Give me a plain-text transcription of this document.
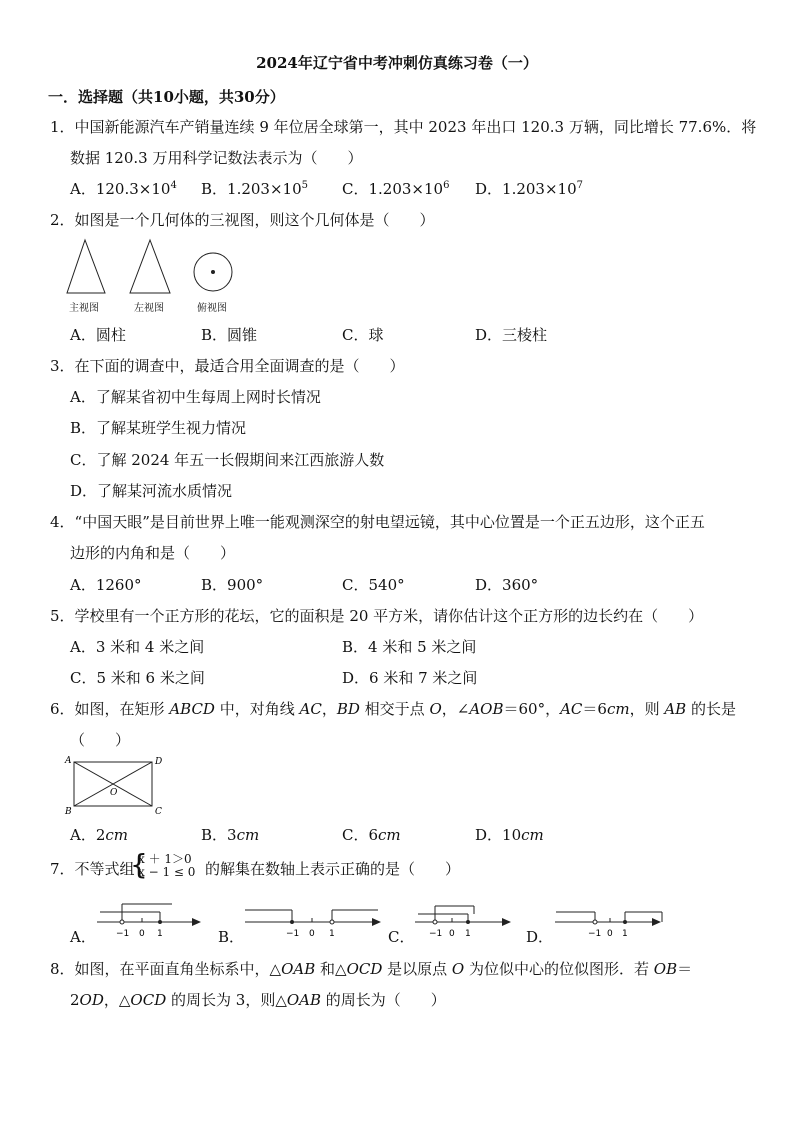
2024年辽宁省中考冲刺仿真练习卷（一）
一．选择题（共10小题，共30分）
1．中国新能源汽车产销量连续 9 年位居全球第一，其中 2023 年出口 120.3 万辆，同比增长 77.6%．将
数据 120.3 万用科学记数法表示为（　　）
A．$120.3\times 10^4$ B．$1.203\times 10^5$ C．$1.203\times 10^6$ D．$1.203\times 10^7$
2．如图是一个几何体的三视图，则这个几何体是（　　）
主视图	左视图	俯视图
A．圆柱	B．圆锥	C．球	D．三棱柱
3．在下面的调查中，最适合用全面调查的是（　　）
A．了解某省初中生每周上网时长情况
B．了解某班学生视力情况
C．了解 2024 年五一长假期间来江西旅游人数
D．了解某河流水质情况
4．“中国天眼”是目前世界上唯一能观测深空的射电望远镜，其中心位置是一个正五边形，这个正五
边形的内角和是（　　）
A．1260°	B．900°	C．540°	D．360°
5．学校里有一个正方形的花坛，它的面积是 20 平方米，请你估计这个正方形的边长约在（　　）
A．3 米和 4 米之间	B．4 米和 5 米之间
C．5 米和 6 米之间	D．6 米和 7 米之间
6．如图，在矩形 ABCD 中，对角线 AC，BD 相交于点 O，∠AOB＝60°，AC＝6cm，则 AB 的长是
（　　）
A	D
B	C
O
A．2cm	B．3cm	C．6cm	D．10cm
7．不等式组
{
x ＋ 1＞0
x − 1 ≤ 0 的解集在数轴上表示正确的是（　　）
A． −1 0 1	B．	−1 0 1	C． −1 0 1	D．	−1 0 1
8．如图，在平面直角坐标系中，△OAB 和△OCD 是以原点 O 为位似中心的位似图形．若 OB＝
2OD，△OCD 的周长为 3，则△OAB 的周长为（　　）
